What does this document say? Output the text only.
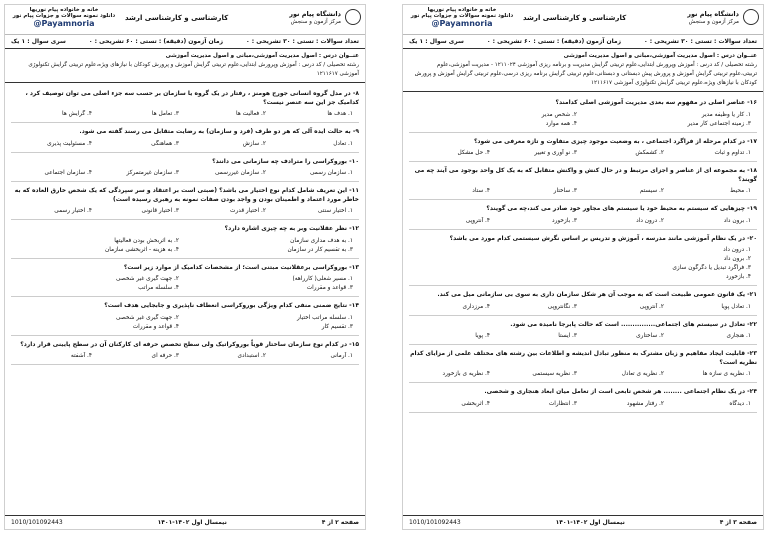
دانشگاه پیام نور
مرکز آزمون و سنجش
کارشناسی و کارشناسی ارشد
خانه و خانواده پیام نوریها
دانلود نمونه سوالات و جزوات پیام نور
@Payamnoria
تعداد سوالات : تستی : ۳۰ تشریحی : ۰
زمان آزمون (دقیقه) : تستی : ۶۰ تشریحی : ۰
سری سوال : ۱ یک
عنــوان درس : اصول مدیریت آموزشی،مبانی و اصول مدیریت آموزشی
رشته تحصیلی / کد درس : آموزش وپرورش ابتدایی،علوم تربیتی گرایش آموزش و پرورش کودکان با نیازهای ویژه،علوم تربیتی گرایش تکنولوژی آموزشی ۱۲۱۱۶۱۷
۸- در مدل گروه انسانی جورج هومنز ، رفتار در یک گروه یا سازمان بر حسب سه جزء اصلی می توان توصیف کرد ، کدامیک جز این سه عنصر نیست؟
۱. هدف ها
۲. فعالیت ها
۳. تعامل ها
۴. گرایش ها
۹- به حالت ایده آلی که هر دو طرف (فرد و سازمان) به رضایت متقابل می رسند گفته می شود.
۱. تعادل
۲. سازش
۳. هماهنگی
۴. مسئولیت پذیری
۱۰- بوروکراسی را مترادف چه سازمانی می دانند؟
۱. سازمان رسمی
۲. سازمان غیررسمی
۳. سازمان غیرمتمرکز
۴. سازمان اجتماعی
۱۱- این تعریف شامل کدام نوع اختیار می باشد؟ (صبتی است بر اعتقاد و سر سپردگی که یک شخص خارق العاده که به خاطر مورد اعتماد و اطمینان بودن و واجد بودن صفات نمونه به رهبری رسیده است)
۱. اختیار سنتی
۲. اختیار قدرت
۳. اختیار قانونی
۴. اختیار رسمی
۱۲- نظر عقلانیت وبر به چه چیزی اشاره دارد؟
۱. به هدف مداری سازمان
۲. به اثربخش بودن فعالیتها
۳. به تقسیم کار در سازمان
۴. به هزینه - اثربخشی سازمان
۱۳- بوروکراسی برعقلانیت مبتنی است؛ از مشخصات کدامیک از موارد زیر است؟
۱. مسیر شغلی( کارراهه)
۲. جهت گیری غیر شخصی
۳. قواعد و مقررات
۴. سلسله مراتب
۱۴- نتایج ضمنی منفی کدام ویژگی بوروکراسی انعطاف ناپذیری و جابجایی هدف است؟
۱. سلسله مراتب اختیار
۲. جهت گیری غیر شخصی
۳. تقسیم کار
۴. قواعد و مقررات
۱۵- در کدام نوع سازمان ساختار قویاً بوروکراتیک ولی سطح تخصص حرفه ای کارکنان آن در سطح پایینی قرار دارد؟
۱. آرمانی
۲. استبدادی
۳. حرفه ای
۴. آشفته
صفحه ۲ از ۴
نیمسال اول ۱۴۰۲-۱۴۰۱
1010/101092443
دانشگاه پیام نور
مرکز آزمون و سنجش
کارشناسی و کارشناسی ارشد
خانه و خانواده پیام نوریها
دانلود نمونه سوالات و جزوات پیام نور
@Payamnoria
تعداد سوالات : تستی : ۳۰ تشریحی : ۰
زمان آزمون (دقیقه) : تستی : ۶۰ تشریحی : ۰
سری سوال : ۱ یک
عنــوان درس : اصول مدیریت آموزشی،مبانی و اصول مدیریت آموزشی
رشته تحصیلی / کد درس : آموزش وپرورش ابتدایی،علوم تربیتی گرایش مدیریت و برنامه ریزی آموزشی ۱۲۱۱۰۲۴ - مدیریت آموزشی،علوم تربیتی،علوم تربیتی گرایش آموزش و پرورش پیش دبستانی و دبستانی،علوم تربیتی گرایش برنامه ریزی درسی،علوم تربیتی گرایش آموزش و پرورش کودکان با نیازهای ویژه،علوم تربیتی گرایش تکنولوژی آموزشی ۱۲۱۱۶۱۷
۱۶- عناصر اصلی در مفهوم سه بعدی مدیریت آموزشی اصلی کدامند؟
۱. کار یا وظیفه مدیر
۲. شخص مدیر
۳. زمینه اجتماعی کار مدیر
۴. همه موارد
۱۷- در کدام مرحله از فراگرد اجتماعی ، به وضعیت موجود چیزی متفاوت و تازه معرفی می شود؟
۱. تداوم و ثبات
۲. کشمکش
۳. نو آوری و تغییر
۴. حل مشکل
۱۸- به مجموعه ای از عناصر و اجزای مرتبط و در حال کنش و واکنش متقابل که به یک کل واحد بوجود می آیند چه می گویند؟
۱. محیط
۲. سیستم
۳. ساختار
۴. ستاد
۱۹- چیزهایی که سیستم به محیط خود یا سیستم های مجاور خود صادر می کند،چه می گویند؟
۱. برون داد
۲. درون داد
۳. بازخورد
۴. آنتروپی
۲۰- در یک نظام آموزشی مانند مدرسه ، آموزش و تدریس بر اساس نگرش سیستمی کدام مورد می باشد؟
۱. درون داد
۲. برون داد
۳. فراگرد تبدیل یا دگرگون سازی
۴. بازخورد
۲۱- یک قانون عمومی طبیعت است که به موجب آن هر شکل سازمان داری به سوی بی سازمانی میل می کند.
۱. تعادل پویا
۲. آنتروپی
۳. نگانتروپی
۴. مرزداری
۲۲- تعادل در سیستم های اجتماعی............... است که حالت پابرجا نامیده می شود.
۱. هنجاری
۲. ساختاری
۳. ایستا
۴. پویا
۲۳- قابلیت ایجاد مفاهیم و زبان مشترک به منظور تبادل اندیشه و اطلاعات بین رشته های مختلف علمی از مزایای کدام نظریه است؟
۱. نظریه ی سازه ها
۲. نظریه ی تعادل
۳. نظریه سیستمی
۴. نظریه ی بازخورد
۲۴- در یک نظام اجتماعی ........ هر شخص تابعی است از تعامل میان ابعاد هنجاری و شخصی.
۱. دیدگاه
۲. رفتار مشهود
۳. انتظارات
۴. اثربخشی
صفحه ۳ از ۴
نیمسال اول ۱۴۰۲-۱۴۰۱
1010/101092443
